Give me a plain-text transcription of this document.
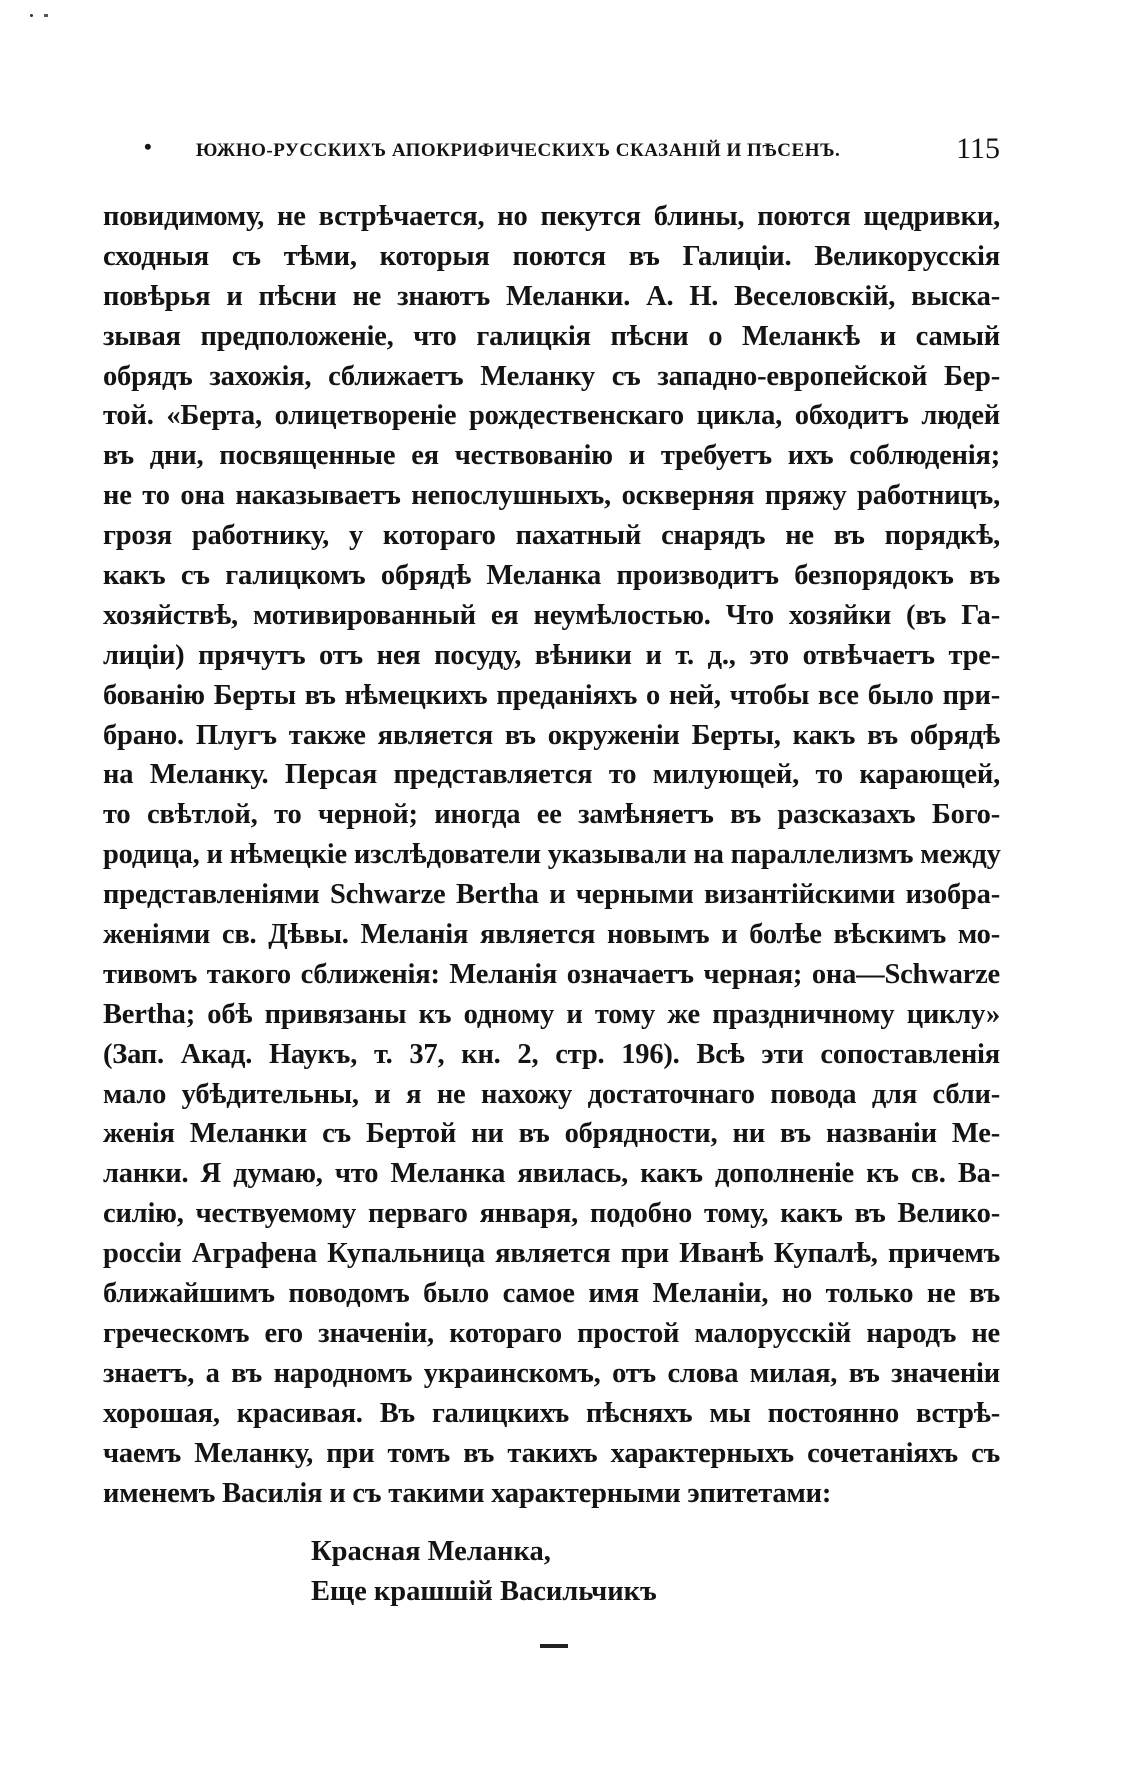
• ЮЖНО-РУССКИХЪ АПОКРИФИЧЕСКИХЪ СКАЗАНІЙ И ПѢСЕНЪ.	115
повидимому, не встрѣчается, но пекутся блины, поются щедривки,
сходныя съ тѣми, которыя поются въ Галиціи. Великорусскія
повѣрья и пѣсни не знаютъ Меланки. А. Н. Веселовскій, выска-
зывая предположеніе, что галицкія пѣсни о Меланкѣ и самый
обрядъ захожія, сближаетъ Меланку съ западно-европейской Бер-
той. «Берта, олицетвореніе рождественскаго цикла, обходитъ людей
въ дни, посвященные ея чествованію и требуетъ ихъ соблюденія;
не то она наказываетъ непослушныхъ, оскверняя пряжу работницъ,
грозя работнику, у котораго пахатный снарядъ не въ порядкѣ,
какъ съ галицкомъ обрядѣ Меланка производитъ безпорядокъ въ
хозяйствѣ, мотивированный ея неумѣлостью. Что хозяйки (въ Га-
лиціи) прячутъ отъ нея посуду, вѣники и т. д., это отвѣчаетъ тре-
бованію Берты въ нѣмецкихъ преданіяхъ о ней, чтобы все было при-
брано. Плугъ также является въ окруженіи Берты, какъ въ обрядѣ
на Меланку. Персая представляется то милующей, то карающей,
то свѣтлой, то черной; иногда ее замѣняетъ въ разсказахъ Бого-
родица, и нѣмецкіе изслѣдователи указывали на параллелизмъ между
представленіями Schwarze Bertha и черными византійскими изобра-
женіями св. Дѣвы. Меланія является новымъ и болѣе вѣскимъ мо-
тивомъ такого сближенія: Меланія означаетъ черная; она—Schwarze
Bertha; обѣ привязаны къ одному и тому же праздничному циклу»
(Зап. Акад. Наукъ, т. 37, кн. 2, стр. 196). Всѣ эти сопоставленія
мало убѣдительны, и я не нахожу достаточнаго повода для сбли-
женія Меланки съ Бертой ни въ обрядности, ни въ названіи Ме-
ланки. Я думаю, что Меланка явилась, какъ дополненіе къ св. Ва-
силію, чествуемому перваго января, подобно тому, какъ въ Велико-
россіи Аграфена Купальница является при Иванѣ Купалѣ, причемъ
ближайшимъ поводомъ было самое имя Меланіи, но только не въ
греческомъ его значеніи, котораго простой малорусскій народъ не
знаетъ, а въ народномъ украинскомъ, отъ слова милая, въ значеніи
хорошая, красивая. Въ галицкихъ пѣсняхъ мы постоянно встрѣ-
чаемъ Меланку, при томъ въ такихъ характерныхъ сочетаніяхъ съ
именемъ Василія и съ такими характерными эпитетами:
Красная Меланка,
Еще крашшій Васильчикъ
